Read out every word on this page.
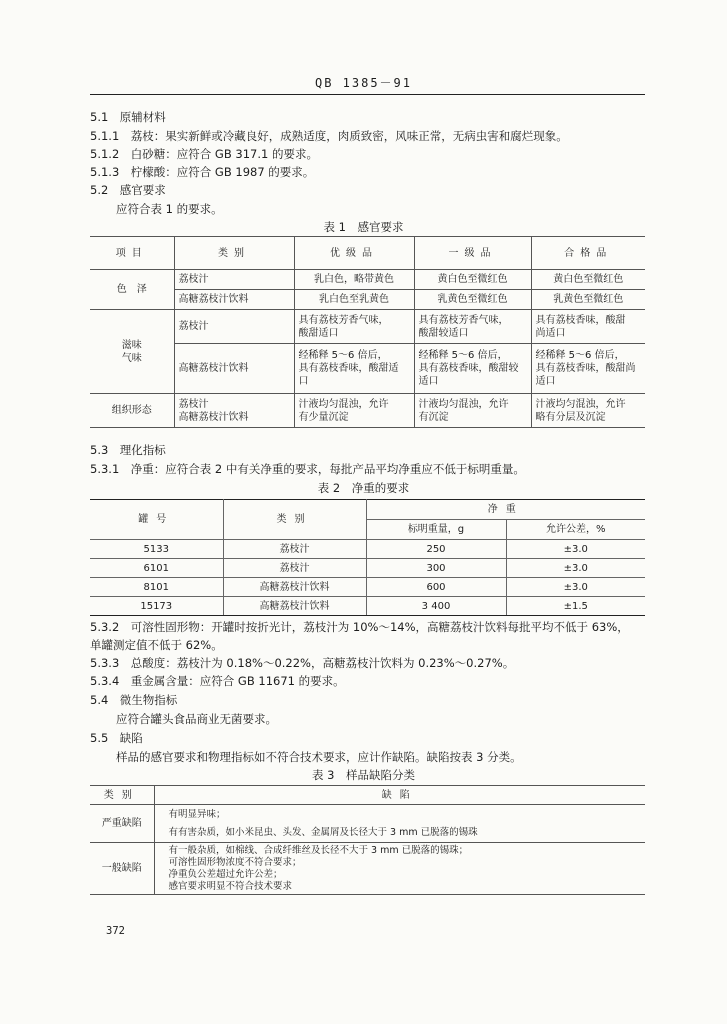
QB 1385－91
5.1　原辅材料
5.1.1　荔枝：果实新鲜或冷藏良好，成熟适度，肉质致密，风味正常，无病虫害和腐烂现象。
5.1.2　白砂糖：应符合 GB 317.1 的要求。
5.1.3　柠檬酸：应符合 GB 1987 的要求。
5.2　感官要求
应符合表 1 的要求。
表 1　感官要求
项目	类别	优级品	一级品	合格品
色　泽	荔枝汁	乳白色，略带黄色	黄白色至微红色	黄白色至微红色
	高糖荔枝汁饮料	乳白色至乳黄色	乳黄色至微红色	乳黄色至微红色
滋味
气味	荔枝汁	具有荔枝芳香气味，
酸甜适口	具有荔枝芳香气味，
酸甜较适口	具有荔枝香味，酸甜
尚适口
	高糖荔枝汁饮料	经稀释 5～6 倍后，
具有荔枝香味，酸甜适
口	经稀释 5～6 倍后，
具有荔枝香味，酸甜较
适口	经稀释 5～6 倍后，
具有荔枝香味，酸甜尚
适口
组织形态	荔枝汁
高糖荔枝汁饮料	汁液均匀混浊，允许
有少量沉淀	汁液均匀混浊，允许
有沉淀	汁液均匀混浊，允许
略有分层及沉淀
5.3　理化指标
5.3.1　净重：应符合表 2 中有关净重的要求，每批产品平均净重应不低于标明重量。
表 2　净重的要求
罐号	类别	净重	
		标明重量，g	允许公差，%
5133	荔枝汁	250	±3.0
6101	荔枝汁	300	±3.0
8101	高糖荔枝汁饮料	600	±3.0
15173	高糖荔枝汁饮料	3 400	±1.5
5.3.2　可溶性固形物：开罐时按折光计，荔枝汁为 10%～14%，高糖荔枝汁饮料每批平均不低于 63%，
单罐测定值不低于 62%。
5.3.3　总酸度：荔枝汁为 0.18%～0.22%，高糖荔枝汁饮料为 0.23%～0.27%。
5.3.4　重金属含量：应符合 GB 11671 的要求。
5.4　微生物指标
应符合罐头食品商业无菌要求。
5.5　缺陷
样品的感官要求和物理指标如不符合技术要求，应计作缺陷。缺陷按表 3 分类。
表 3　样品缺陷分类
类别	缺陷
严重缺陷	有明显异味；
有有害杂质，如小米昆虫、头发、金属屑及长径大于 3 mm 已脱落的锡珠

一般缺陷	有一般杂质，如棉线、合成纤维丝及长径不大于 3 mm 已脱落的锡珠；
可溶性固形物浓度不符合要求；
净重负公差超过允许公差；
感官要求明显不符合技术要求
372
